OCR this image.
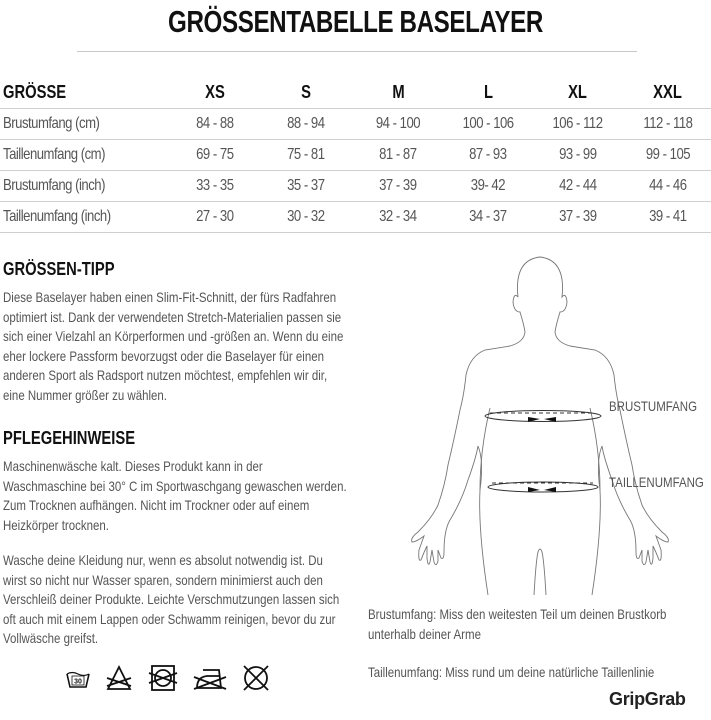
GRÖSSENTABELLE BASELAYER
GRÖSSE	XS	S	M	L	XL	XXL
Brustumfang (cm)	84 - 88	88 - 94	94 - 100	100 - 106	106 - 112	112 - 118
Taillenumfang (cm)	69 - 75	75 - 81	81 - 87	87 - 93	93 - 99	99 - 105
Brustumfang (inch)	33 - 35	35 - 37	37 - 39	39- 42	42 - 44	44 - 46
Taillenumfang (inch)	27 - 30	30 - 32	32 - 34	34 - 37	37 - 39	39 - 41
GRÖSSEN-TIPP
Diese Baselayer haben einen Slim-Fit-Schnitt, der fürs Radfahren optimiert ist. Dank der verwendeten Stretch-Materialien passen sie sich einer Vielzahl an Körperformen und -größen an. Wenn du eine eher lockere Passform bevorzugst oder die Baselayer für einen anderen Sport als Radsport nutzen möchtest, empfehlen wir dir, eine Nummer größer zu wählen.
PFLEGEHINWEISE
Maschinenwäsche kalt. Dieses Produkt kann in der Waschmaschine bei 30° C im Sportwaschgang gewaschen werden. Zum Trocknen aufhängen. Nicht im Trockner oder auf einem Heizkörper trocknen.
Wasche deine Kleidung nur, wenn es absolut notwendig ist. Du wirst so nicht nur Wasser sparen, sondern minimierst auch den Verschleiß deiner Produkte. Leichte Verschmutzungen lassen sich oft auch mit einem Lappen oder Schwamm reinigen, bevor du zur Vollwäsche greifst.
30
BRUSTUMFANG
TAILLENUMFANG
Brustumfang: Miss den weitesten Teil um deinen Brustkorb unterhalb deiner Arme
Taillenumfang: Miss rund um deine natürliche Taillenlinie
GripGrab
